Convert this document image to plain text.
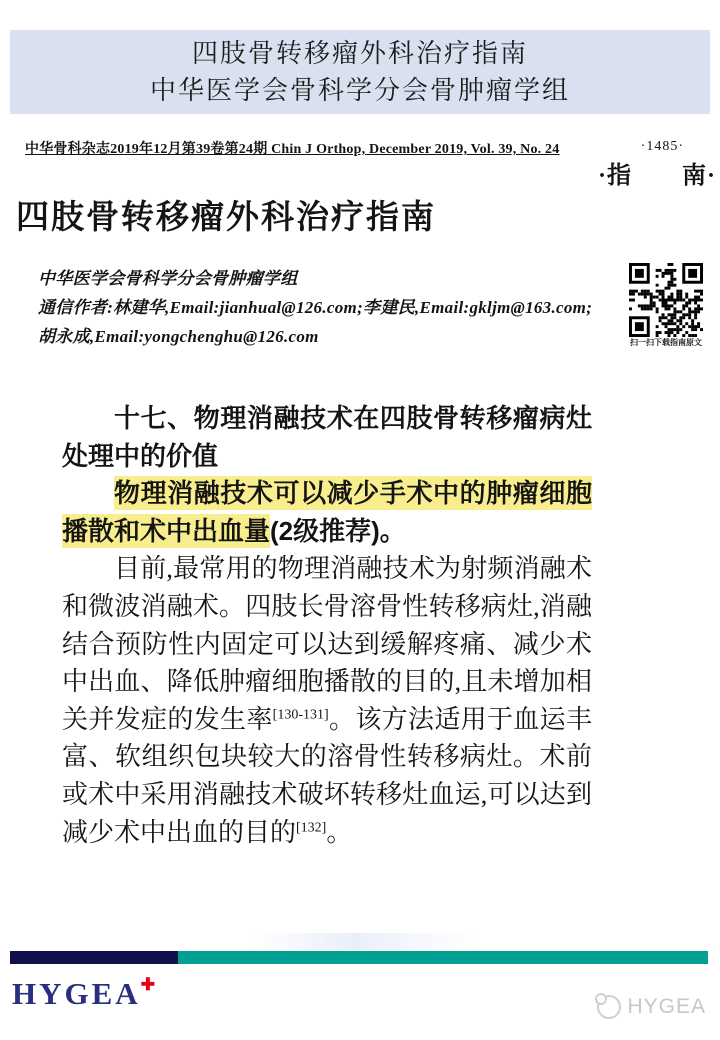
四肢骨转移瘤外科治疗指南
中华医学会骨科学分会骨肿瘤学组
中华骨科杂志2019年12月第39卷第24期 Chin J Orthop, December 2019, Vol. 39, No. 24	·1485·
·指　　南·
四肢骨转移瘤外科治疗指南
中华医学会骨科学分会骨肿瘤学组
通信作者:林建华,Email:jianhual@126.com;李建民,Email:gkljm@163.com;
胡永成,Email:yongchenghu@126.com	扫一扫下载指南原文

十七、物理消融技术在四肢骨转移瘤病灶处理中的价值

物理消融技术可以减少手术中的肿瘤细胞播散和术中出血量(2级推荐)。

目前,最常用的物理消融技术为射频消融术和微波消融术。四肢长骨溶骨性转移病灶,消融结合预防性内固定可以达到缓解疼痛、减少术中出血、降低肿瘤细胞播散的目的,且未增加相关并发症的发生率[130-131]。该方法适用于血运丰富、软组织包块较大的溶骨性转移病灶。术前或术中采用消融技术破坏转移灶血运,可以达到减少术中出血的目的[132]。

HYGEA✚
HYGEA
